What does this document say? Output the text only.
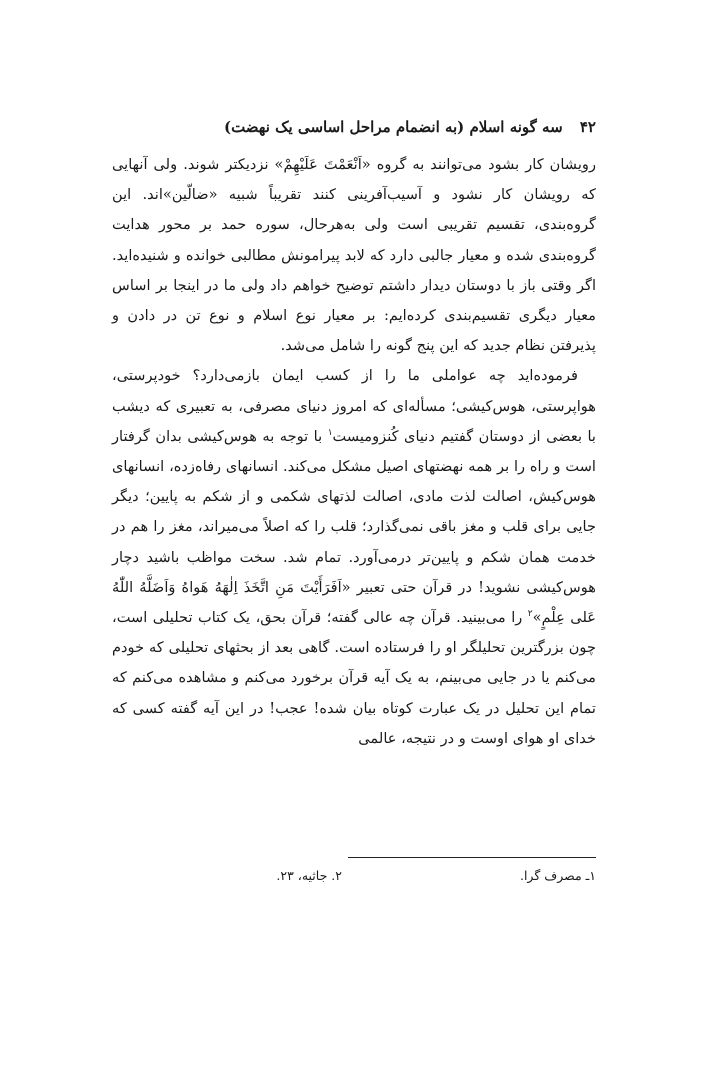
۴۲ سه گونه اسلام (به انضمام مراحل اساسی یک نهضت)

رویشان کار بشود می‌توانند به گروه «اَنْعَمْتَ عَلَیْهِمْ» نزدیکتر شوند. ولی آنهایی که رویشان کار نشود و آسیب‌آفرینی کنند تقریباً شبیه «ضالّین»اند. این گروه‌بندی، تقسیم تقریبی است ولی به‌هرحال، سوره حمد بر محور هدایت گروه‌بندی شده و معیار جالبی دارد که لابد پیرامونش مطالبی خوانده و شنیده‌اید. اگر وقتی باز با دوستان دیدار داشتم توضیح خواهم داد ولی ما در اینجا بر اساس معیار دیگری تقسیم‌بندی کرده‌ایم: بر معیار نوع اسلام و نوع تن در دادن و پذیرفتن نظام جدید که این پنج گونه را شامل می‌شد.

فرموده‌اید چه عواملی ما را از کسب ایمان بازمی‌دارد؟ خودپرستی، هواپرستی، هوس‌کیشی؛ مسأله‌ای که امروز دنیای مصرفی، به تعبیری که دیشب با بعضی از دوستان گفتیم دنیای کُنزومیست$^۱$ با توجه به هوس‌کیشی بدان گرفتار است و راه را بر همه نهضتهای اصیل مشکل می‌کند. انسانهای رفاه‌زده، انسانهای هوس‌کیش، اصالت لذت مادی، اصالت لذتهای شکمی و از شکم به پایین؛ دیگر جایی برای قلب و مغز باقی نمی‌گذارد؛ قلب را که اصلاً می‌میراند، مغز را هم در خدمت همان شکم و پایین‌تر درمی‌آورد. تمام شد. سخت مواظب باشید دچار هوس‌کیشی نشوید! در قرآن حتی تعبیر «اَفَرَأَیْتَ مَنِ اتَّخَذَ اِلٰهَهُ هَواهُ وَاَضَلَّهُ اللّٰهُ عَلی عِلْمٍ»$^۲$ را می‌بینید. قرآن چه عالی گفته؛ قرآن بحق، یک کتاب تحلیلی است، چون بزرگترین تحلیلگر او را فرستاده است. گاهی بعد از بحثهای تحلیلی که خودم می‌کنم یا در جایی می‌بینم، به یک آیه قرآن برخورد می‌کنم و مشاهده می‌کنم که تمام این تحلیل در یک عبارت کوتاه بیان شده! عجب! در این آیه گفته کسی که خدای او هوای اوست و در نتیجه، عالمی

۱ـ مصرف گرا.
۲. جاثیه، ۲۳.
